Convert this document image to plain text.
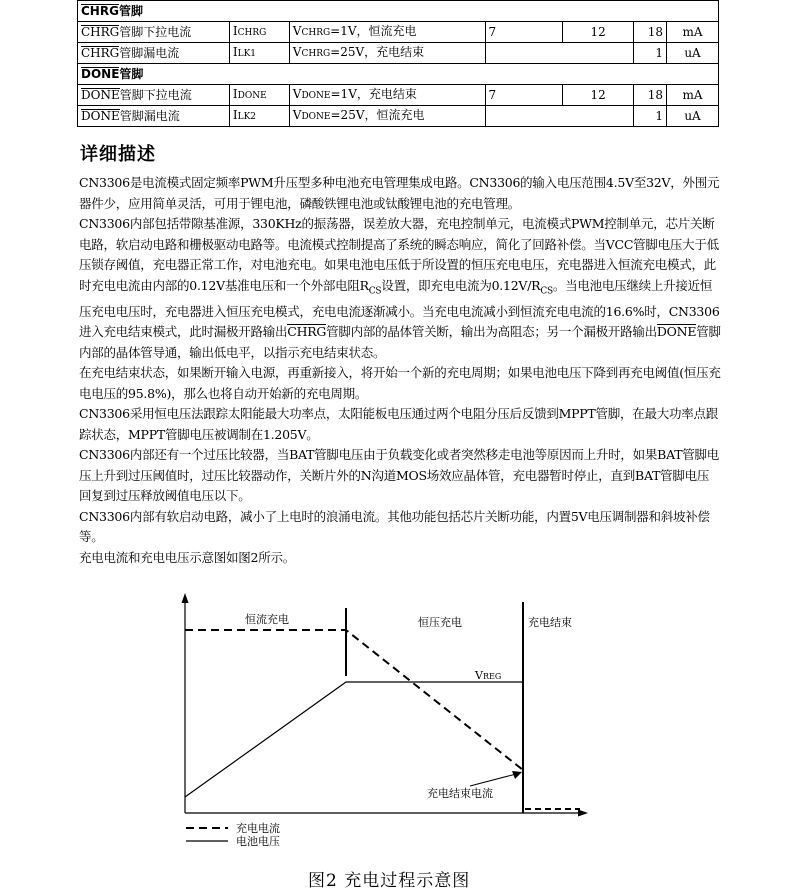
CHRG管脚						
CHRG管脚下拉电流	ICHRG	VCHRG=1V，恒流充电	7	12	18	mA
CHRG管脚漏电流	ILK1	VCHRG=25V，充电结束			1	uA
DONE管脚						
DONE管脚下拉电流	IDONE	VDONE=1V，充电结束	7	12	18	mA
DONE管脚漏电流	ILK2	VDONE=25V，恒流充电			1	uA
详细描述

CN3306是电流模式固定频率PWM升压型多种电池充电管理集成电路。CN3306的输入电压范围4.5V至32V，外围元器件少，应用简单灵活，可用于锂电池，磷酸铁锂电池或钛酸锂电池的充电管理。

CN3306内部包括带隙基准源，330KHz的振荡器，误差放大器，充电控制单元，电流模式PWM控制单元，芯片关断电路，软启动电路和栅极驱动电路等。电流模式控制提高了系统的瞬态响应，简化了回路补偿。当VCC管脚电压大于低压锁存阈值，充电器正常工作，对电池充电。如果电池电压低于所设置的恒压充电电压，充电器进入恒流充电模式，此时充电电流由内部的0.12V基准电压和一个外部电阻$R_{CS}$设置，即充电电流为$0.12V/R_{CS}$。当电池电压继续上升接近恒压充电电压时，充电器进入恒压充电模式，充电电流逐渐减小。当充电电流减小到恒流充电电流的16.6%时，CN3306进入充电结束模式，此时漏极开路输出CHRG管脚内部的晶体管关断，输出为高阻态；另一个漏极开路输出DONE管脚内部的晶体管导通，输出低电平，以指示充电结束状态。

在充电结束状态，如果断开输入电源，再重新接入，将开始一个新的充电周期；如果电池电压下降到再充电阈值(恒压充电电压的95.8%)，那么也将自动开始新的充电周期。

CN3306采用恒电压法跟踪太阳能最大功率点，太阳能板电压通过两个电阻分压后反馈到MPPT管脚，在最大功率点跟踪状态，MPPT管脚电压被调制在1.205V。

CN3306内部还有一个过压比较器，当BAT管脚电压由于负载变化或者突然移走电池等原因而上升时，如果BAT管脚电压上升到过压阈值时，过压比较器动作，关断片外的N沟道MOS场效应晶体管，充电器暂时停止，直到BAT管脚电压回复到过压释放阈值电压以下。

CN3306内部有软启动电路，减小了上电时的浪涌电流。其他功能包括芯片关断功能，内置5V电压调制器和斜坡补偿等。

充电电流和充电电压示意图如图2所示。

恒流充电	恒压充电	充电结束
VREG
充电结束电流
充电电流
电池电压
图2 充电过程示意图
